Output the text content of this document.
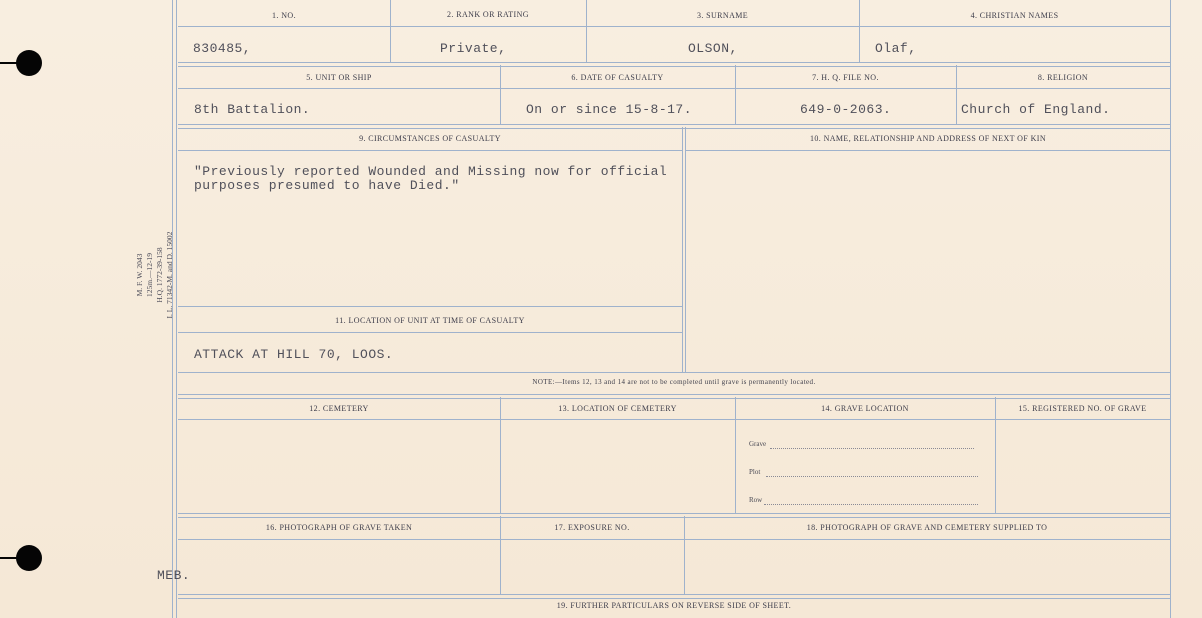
M. F. W. 2043 125m.—12-19 H.Q. 1772-39-158 I. L. 71342-M. and D. 15002
1. NO.	2. RANK OR RATING	3. SURNAME	4. CHRISTIAN NAMES
830485,	Private,	OLSON,	Olaf,
5. UNIT OR SHIP	6. DATE OF CASUALTY	7. H. Q. FILE NO.	8. RELIGION
8th Battalion.	On or since 15-8-17.	649-0-2063.	Church of England.
9. CIRCUMSTANCES OF CASUALTY	10. NAME, RELATIONSHIP AND ADDRESS OF NEXT OF KIN
"Previously reported Wounded and Missing now for official
purposes presumed to have Died."
11. LOCATION OF UNIT AT TIME OF CASUALTY
ATTACK AT HILL 70, LOOS.
NOTE:—Items 12, 13 and 14 are not to be completed until grave is permanently located.
12. CEMETERY	13. LOCATION OF CEMETERY	14. GRAVE LOCATION	15. REGISTERED NO. OF GRAVE
Grave
Plot
Row
16. PHOTOGRAPH OF GRAVE TAKEN	17. EXPOSURE NO.	18. PHOTOGRAPH OF GRAVE AND CEMETERY SUPPLIED TO
MEB.
19. FURTHER PARTICULARS ON REVERSE SIDE OF SHEET.
